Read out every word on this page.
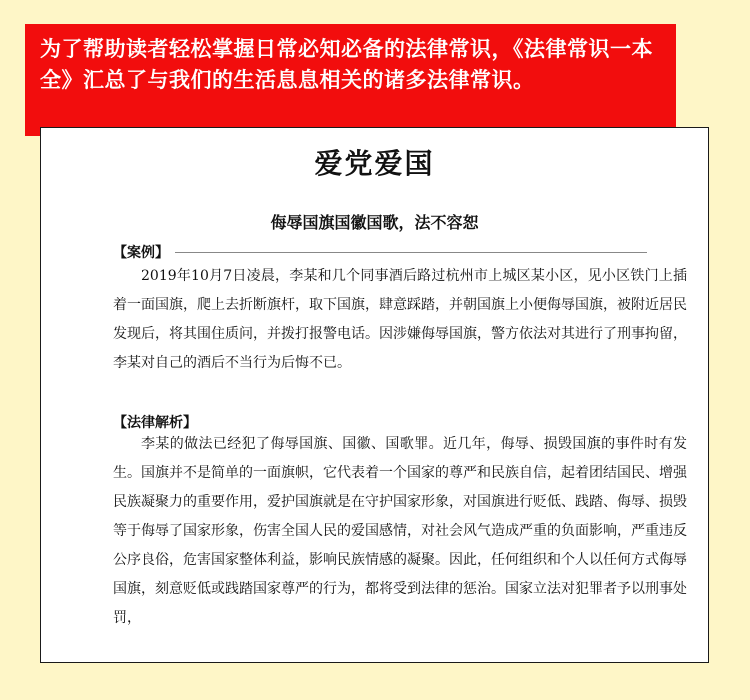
为了帮助读者轻松掌握日常必知必备的法律常识，《法律常识一本全》汇总了与我们的生活息息相关的诸多法律常识。

爱党爱国
侮辱国旗国徽国歌，法不容恕
【案例】

2019年10月7日凌晨，李某和几个同事酒后路过杭州市上城区某小区，见小区铁门上插着一面国旗，爬上去折断旗杆，取下国旗，肆意踩踏，并朝国旗上小便侮辱国旗，被附近居民发现后，将其围住质问，并拨打报警电话。因涉嫌侮辱国旗，警方依法对其进行了刑事拘留，李某对自己的酒后不当行为后悔不已。

【法律解析】

李某的做法已经犯了侮辱国旗、国徽、国歌罪。近几年，侮辱、损毁国旗的事件时有发生。国旗并不是简单的一面旗帜，它代表着一个国家的尊严和民族自信，起着团结国民、增强民族凝聚力的重要作用，爱护国旗就是在守护国家形象，对国旗进行贬低、践踏、侮辱、损毁等于侮辱了国家形象，伤害全国人民的爱国感情，对社会风气造成严重的负面影响，严重违反公序良俗，危害国家整体利益，影响民族情感的凝聚。因此，任何组织和个人以任何方式侮辱国旗，刻意贬低或践踏国家尊严的行为，都将受到法律的惩治。国家立法对犯罪者予以刑事处罚，
